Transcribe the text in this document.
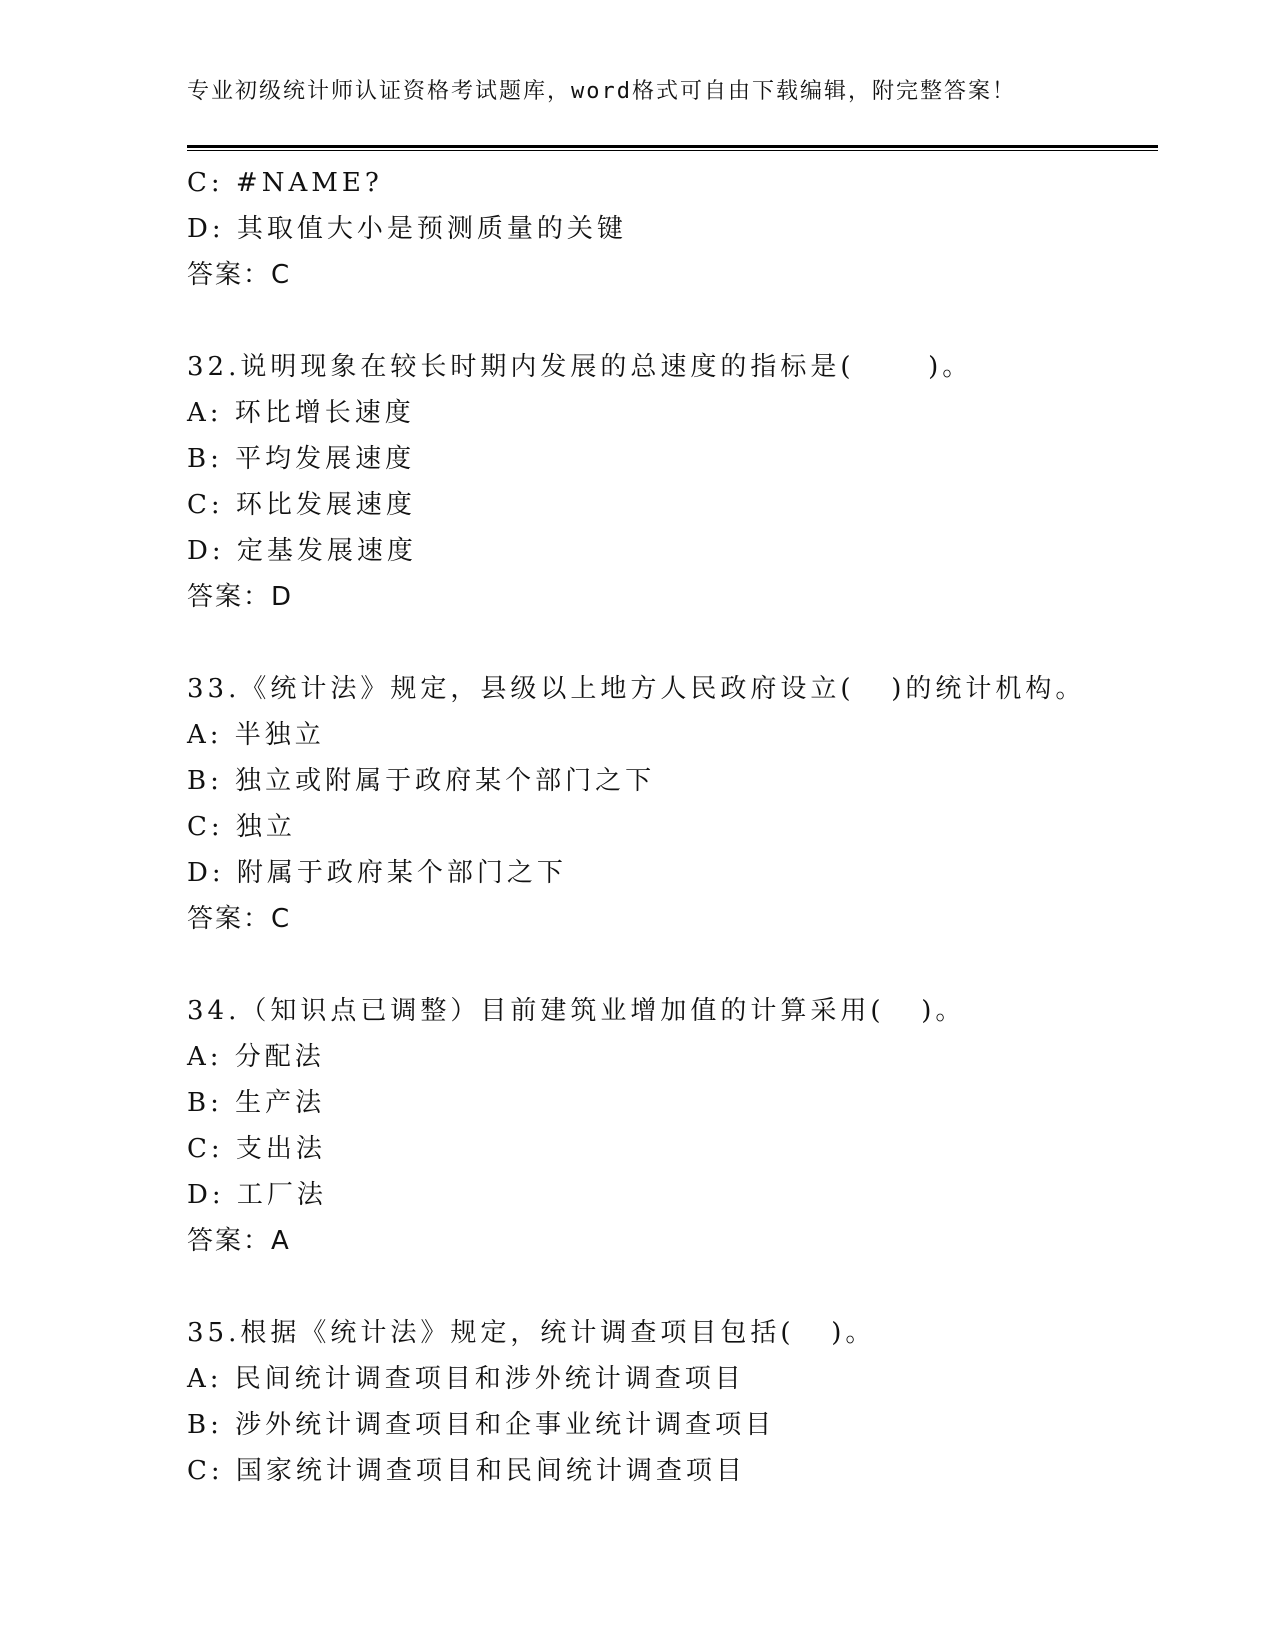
专业初级统计师认证资格考试题库，word格式可自由下载编辑，附完整答案！
C: #NAME?
D: 其取值大小是预测质量的关键
答案：C
32.说明现象在较长时期内发展的总速度的指标是(      )。
A: 环比增长速度
B: 平均发展速度
C: 环比发展速度
D: 定基发展速度
答案：D
33.《统计法》规定，县级以上地方人民政府设立(   )的统计机构。
A: 半独立
B: 独立或附属于政府某个部门之下
C: 独立
D: 附属于政府某个部门之下
答案：C
34.（知识点已调整）目前建筑业增加值的计算采用(   )。
A: 分配法
B: 生产法
C: 支出法
D: 工厂法
答案：A
35.根据《统计法》规定，统计调查项目包括(   )。
A: 民间统计调查项目和涉外统计调查项目
B: 涉外统计调查项目和企事业统计调查项目
C: 国家统计调查项目和民间统计调查项目
